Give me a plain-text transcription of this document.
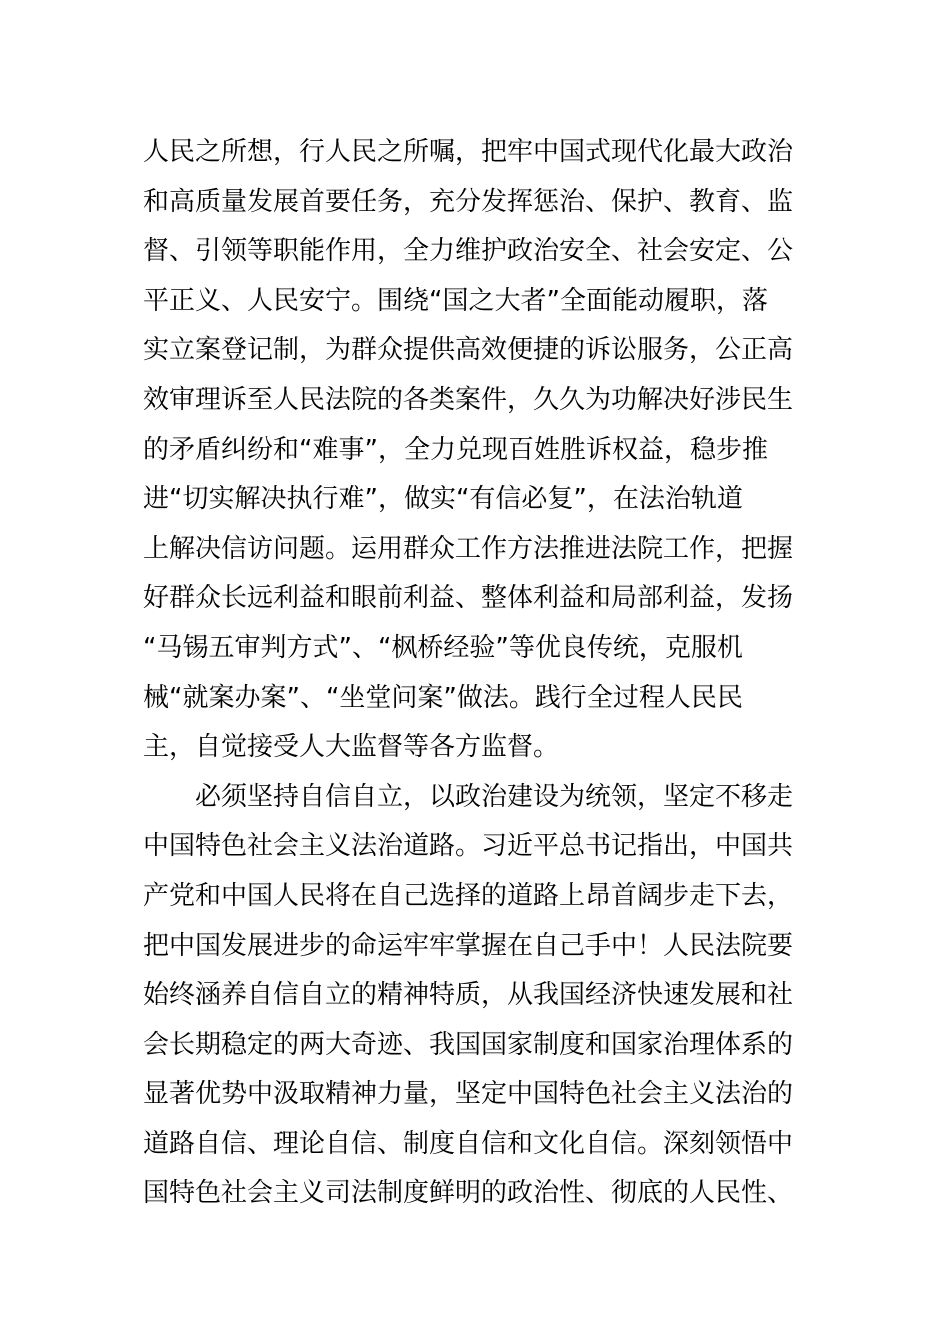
人民之所想，行人民之所嘱，把牢中国式现代化最大政治
和高质量发展首要任务，充分发挥惩治、保护、教育、监
督、引领等职能作用，全力维护政治安全、社会安定、公
平正义、人民安宁。围绕“国之大者”全面能动履职，落
实立案登记制，为群众提供高效便捷的诉讼服务，公正高
效审理诉至人民法院的各类案件，久久为功解决好涉民生
的矛盾纠纷和“难事”，全力兑现百姓胜诉权益，稳步推
进“切实解决执行难”，做实“有信必复”，在法治轨道
上解决信访问题。运用群众工作方法推进法院工作，把握
好群众长远利益和眼前利益、整体利益和局部利益，发扬
“马锡五审判方式”、“枫桥经验”等优良传统，克服机
械“就案办案”、“坐堂问案”做法。践行全过程人民民
主，自觉接受人大监督等各方监督。
　　必须坚持自信自立，以政治建设为统领，坚定不移走
中国特色社会主义法治道路。习近平总书记指出，中国共
产党和中国人民将在自己选择的道路上昂首阔步走下去，
把中国发展进步的命运牢牢掌握在自己手中！人民法院要
始终涵养自信自立的精神特质，从我国经济快速发展和社
会长期稳定的两大奇迹、我国国家制度和国家治理体系的
显著优势中汲取精神力量，坚定中国特色社会主义法治的
道路自信、理论自信、制度自信和文化自信。深刻领悟中
国特色社会主义司法制度鲜明的政治性、彻底的人民性、
